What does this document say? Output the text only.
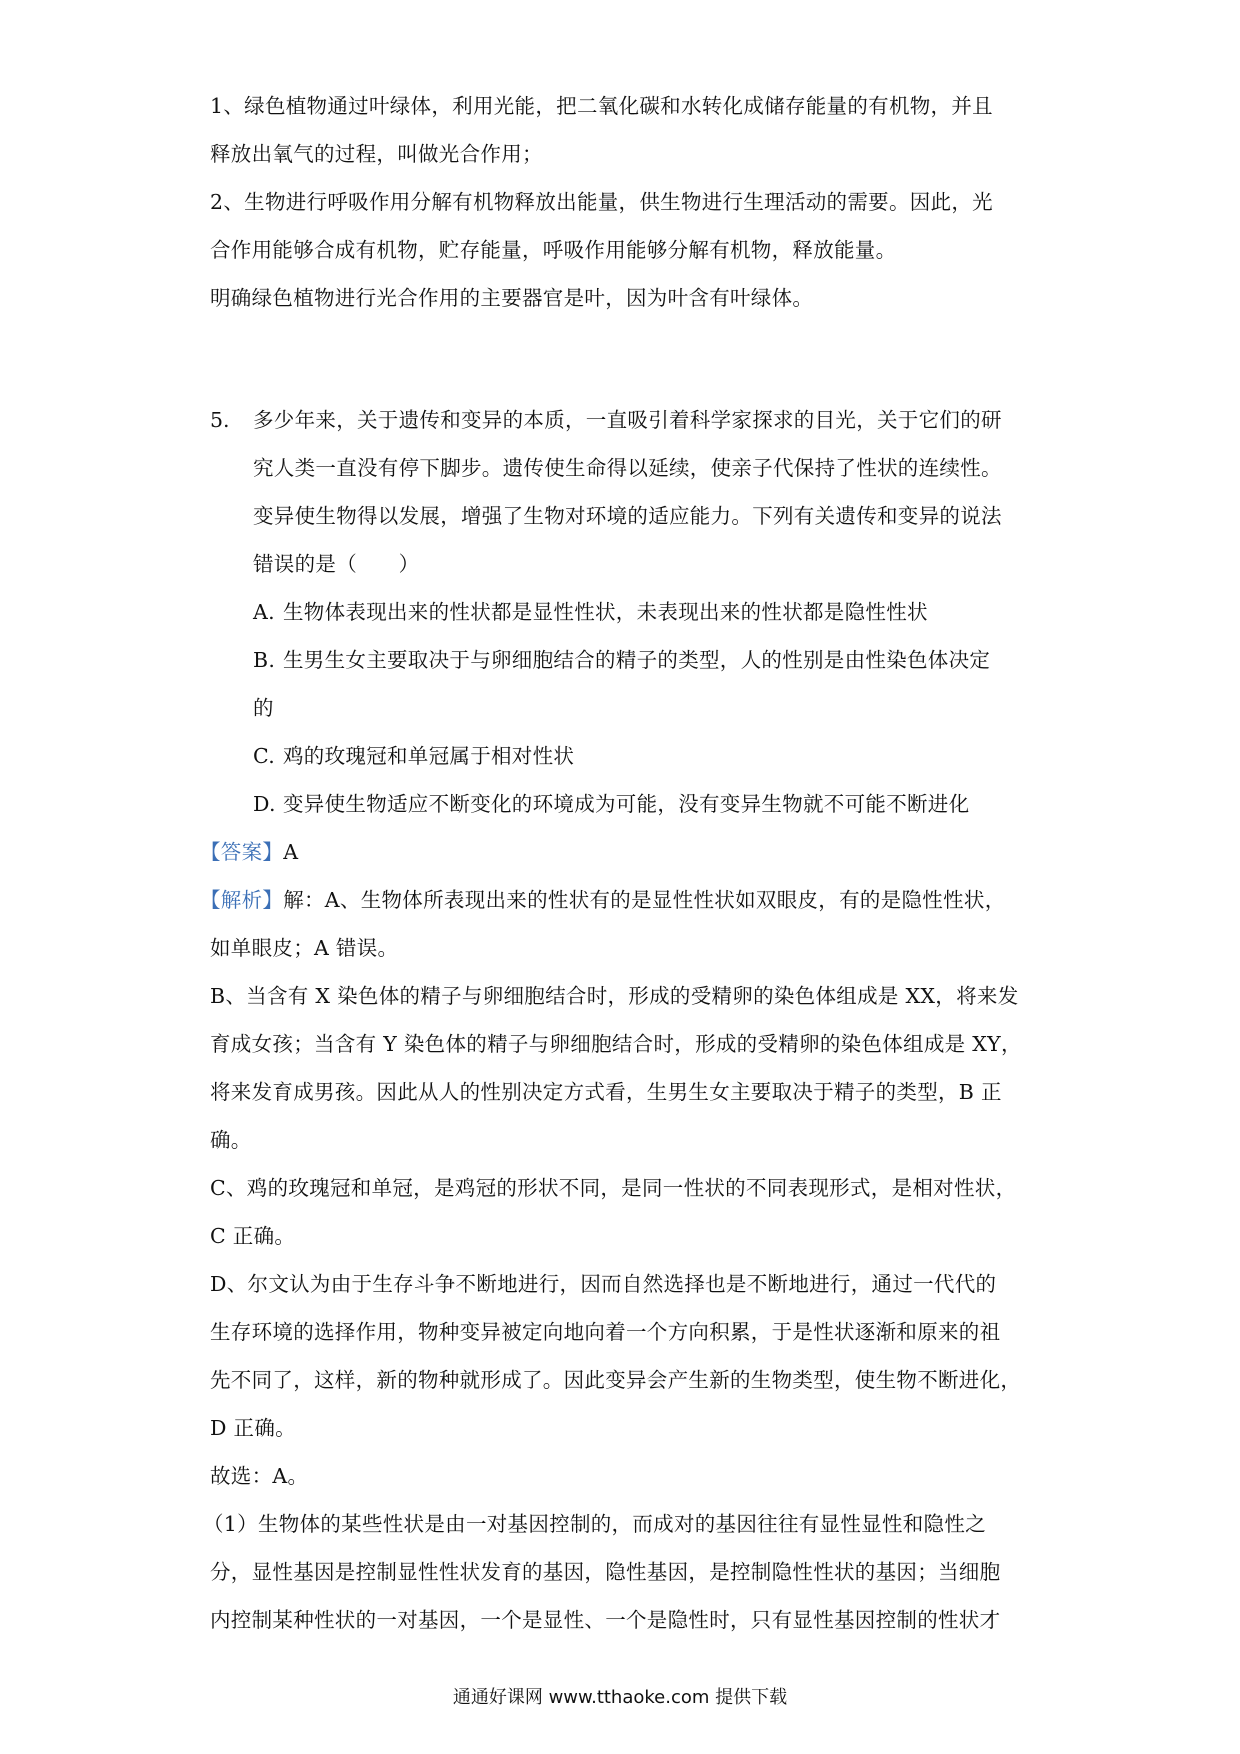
1、绿色植物通过叶绿体，利用光能，把二氧化碳和水转化成储存能量的有机物，并且
释放出氧气的过程，叫做光合作用；
2、生物进行呼吸作用分解有机物释放出能量，供生物进行生理活动的需要。因此，光
合作用能够合成有机物，贮存能量，呼吸作用能够分解有机物，释放能量。
明确绿色植物进行光合作用的主要器官是叶，因为叶含有叶绿体。
5. 多少年来，关于遗传和变异的本质，一直吸引着科学家探求的目光，关于它们的研
究人类一直没有停下脚步。遗传使生命得以延续，使亲子代保持了性状的连续性。
变异使生物得以发展，增强了生物对环境的适应能力。下列有关遗传和变异的说法
错误的是（　　）
A. 生物体表现出来的性状都是显性性状，未表现出来的性状都是隐性性状
B. 生男生女主要取决于与卵细胞结合的精子的类型，人的性别是由性染色体决定
的
C. 鸡的玫瑰冠和单冠属于相对性状
D. 变异使生物适应不断变化的环境成为可能，没有变异生物就不可能不断进化
【答案】A
【解析】解：A、生物体所表现出来的性状有的是显性性状如双眼皮，有的是隐性性状，
如单眼皮；A 错误。
B、当含有 X 染色体的精子与卵细胞结合时，形成的受精卵的染色体组成是 XX，将来发
育成女孩；当含有 Y 染色体的精子与卵细胞结合时，形成的受精卵的染色体组成是 XY，
将来发育成男孩。因此从人的性别决定方式看，生男生女主要取决于精子的类型，B 正
确。
C、鸡的玫瑰冠和单冠，是鸡冠的形状不同，是同一性状的不同表现形式，是相对性状，
C 正确。
D、尔文认为由于生存斗争不断地进行，因而自然选择也是不断地进行，通过一代代的
生存环境的选择作用，物种变异被定向地向着一个方向积累，于是性状逐渐和原来的祖
先不同了，这样，新的物种就形成了。因此变异会产生新的生物类型，使生物不断进化，
D 正确。
故选：A。
（1）生物体的某些性状是由一对基因控制的，而成对的基因往往有显性显性和隐性之
分，显性基因是控制显性性状发育的基因，隐性基因，是控制隐性性状的基因；当细胞
内控制某种性状的一对基因，一个是显性、一个是隐性时，只有显性基因控制的性状才
通通好课网 www.tthaoke.com 提供下载
